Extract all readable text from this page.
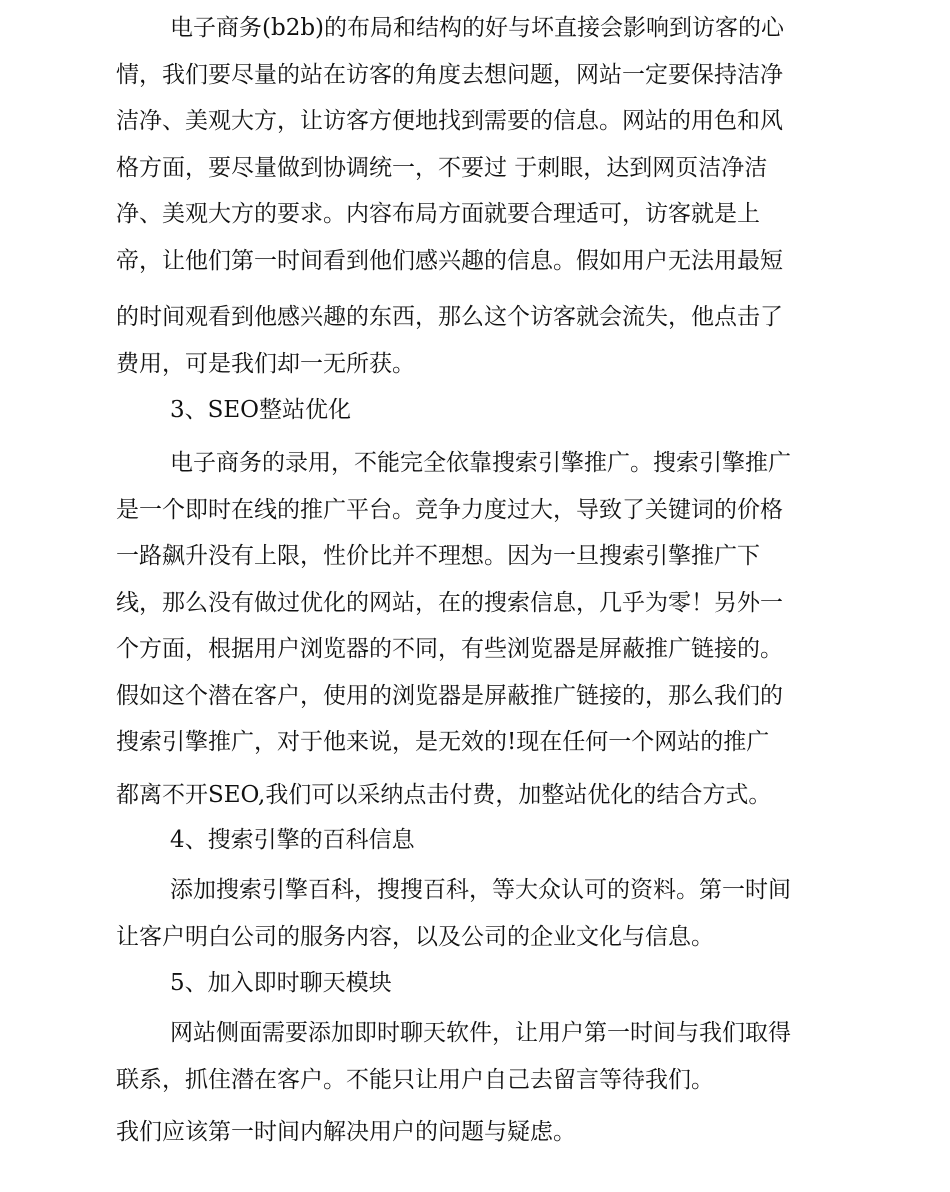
电子商务(b2b)的布局和结构的好与坏直接会影响到访客的心
情，我们要尽量的站在访客的角度去想问题，网站一定要保持洁净
洁净、美观大方，让访客方便地找到需要的信息。网站的用色和风
格方面，要尽量做到协调统一，不要过 于刺眼，达到网页洁净洁
净、美观大方的要求。内容布局方面就要合理适可，访客就是上
帝，让他们第一时间看到他们感兴趣的信息。假如用户无法用最短
的时间观看到他感兴趣的东西，那么这个访客就会流失，他点击了
费用，可是我们却一无所获。
3、SEO整站优化
电子商务的录用，不能完全依靠搜索引擎推广。搜索引擎推广
是一个即时在线的推广平台。竞争力度过大，导致了关键词的价格
一路飙升没有上限，性价比并不理想。因为一旦搜索引擎推广下
线，那么没有做过优化的网站，在的搜索信息，几乎为零！另外一
个方面，根据用户浏览器的不同，有些浏览器是屏蔽推广链接的。
假如这个潜在客户，使用的浏览器是屏蔽推广链接的，那么我们的
搜索引擎推广，对于他来说，是无效的!现在任何一个网站的推广
都离不开SEO,我们可以采纳点击付费，加整站优化的结合方式。
4、搜索引擎的百科信息
添加搜索引擎百科，搜搜百科，等大众认可的资料。第一时间
让客户明白公司的服务内容，以及公司的企业文化与信息。
5、加入即时聊天模块
网站侧面需要添加即时聊天软件，让用户第一时间与我们取得
联系，抓住潜在客户。不能只让用户自己去留言等待我们。
我们应该第一时间内解决用户的问题与疑虑。
